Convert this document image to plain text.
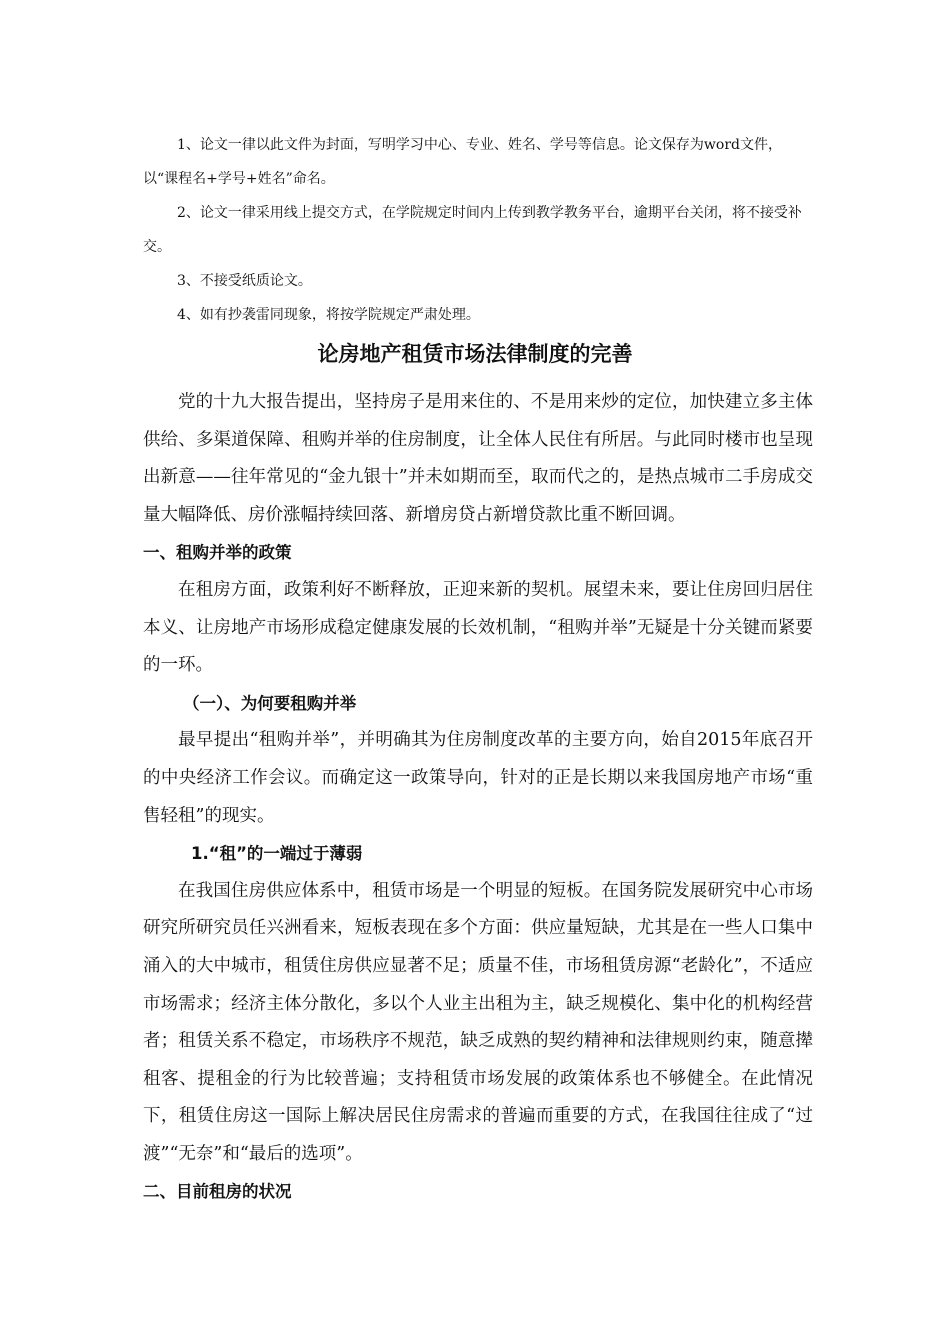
1、论文一律以此文件为封面，写明学习中心、专业、姓名、学号等信息。论文保存为word文件，以“课程名+学号+姓名”命名。

2、论文一律采用线上提交方式，在学院规定时间内上传到教学教务平台，逾期平台关闭，将不接受补交。

3、不接受纸质论文。

4、如有抄袭雷同现象，将按学院规定严肃处理。

论房地产租赁市场法律制度的完善

党的十九大报告提出，坚持房子是用来住的、不是用来炒的定位，加快建立多主体供给、多渠道保障、租购并举的住房制度，让全体人民住有所居。与此同时楼市也呈现出新意——往年常见的“金九银十”并未如期而至，取而代之的，是热点城市二手房成交量大幅降低、房价涨幅持续回落、新增房贷占新增贷款比重不断回调。

一、租购并举的政策

在租房方面，政策利好不断释放，正迎来新的契机。展望未来，要让住房回归居住本义、让房地产市场形成稳定健康发展的长效机制，“租购并举”无疑是十分关键而紧要的一环。

（一）、为何要租购并举

最早提出“租购并举”，并明确其为住房制度改革的主要方向，始自2015年底召开的中央经济工作会议。而确定这一政策导向，针对的正是长期以来我国房地产市场“重售轻租”的现实。

1.“租”的一端过于薄弱

在我国住房供应体系中，租赁市场是一个明显的短板。在国务院发展研究中心市场研究所研究员任兴洲看来，短板表现在多个方面：供应量短缺，尤其是在一些人口集中涌入的大中城市，租赁住房供应显著不足；质量不佳，市场租赁房源“老龄化”，不适应市场需求；经济主体分散化，多以个人业主出租为主，缺乏规模化、集中化的机构经营者；租赁关系不稳定，市场秩序不规范，缺乏成熟的契约精神和法律规则约束，随意撵租客、提租金的行为比较普遍；支持租赁市场发展的政策体系也不够健全。在此情况下，租赁住房这一国际上解决居民住房需求的普遍而重要的方式，在我国往往成了“过渡”“无奈”和“最后的选项”。

二、目前租房的状况
